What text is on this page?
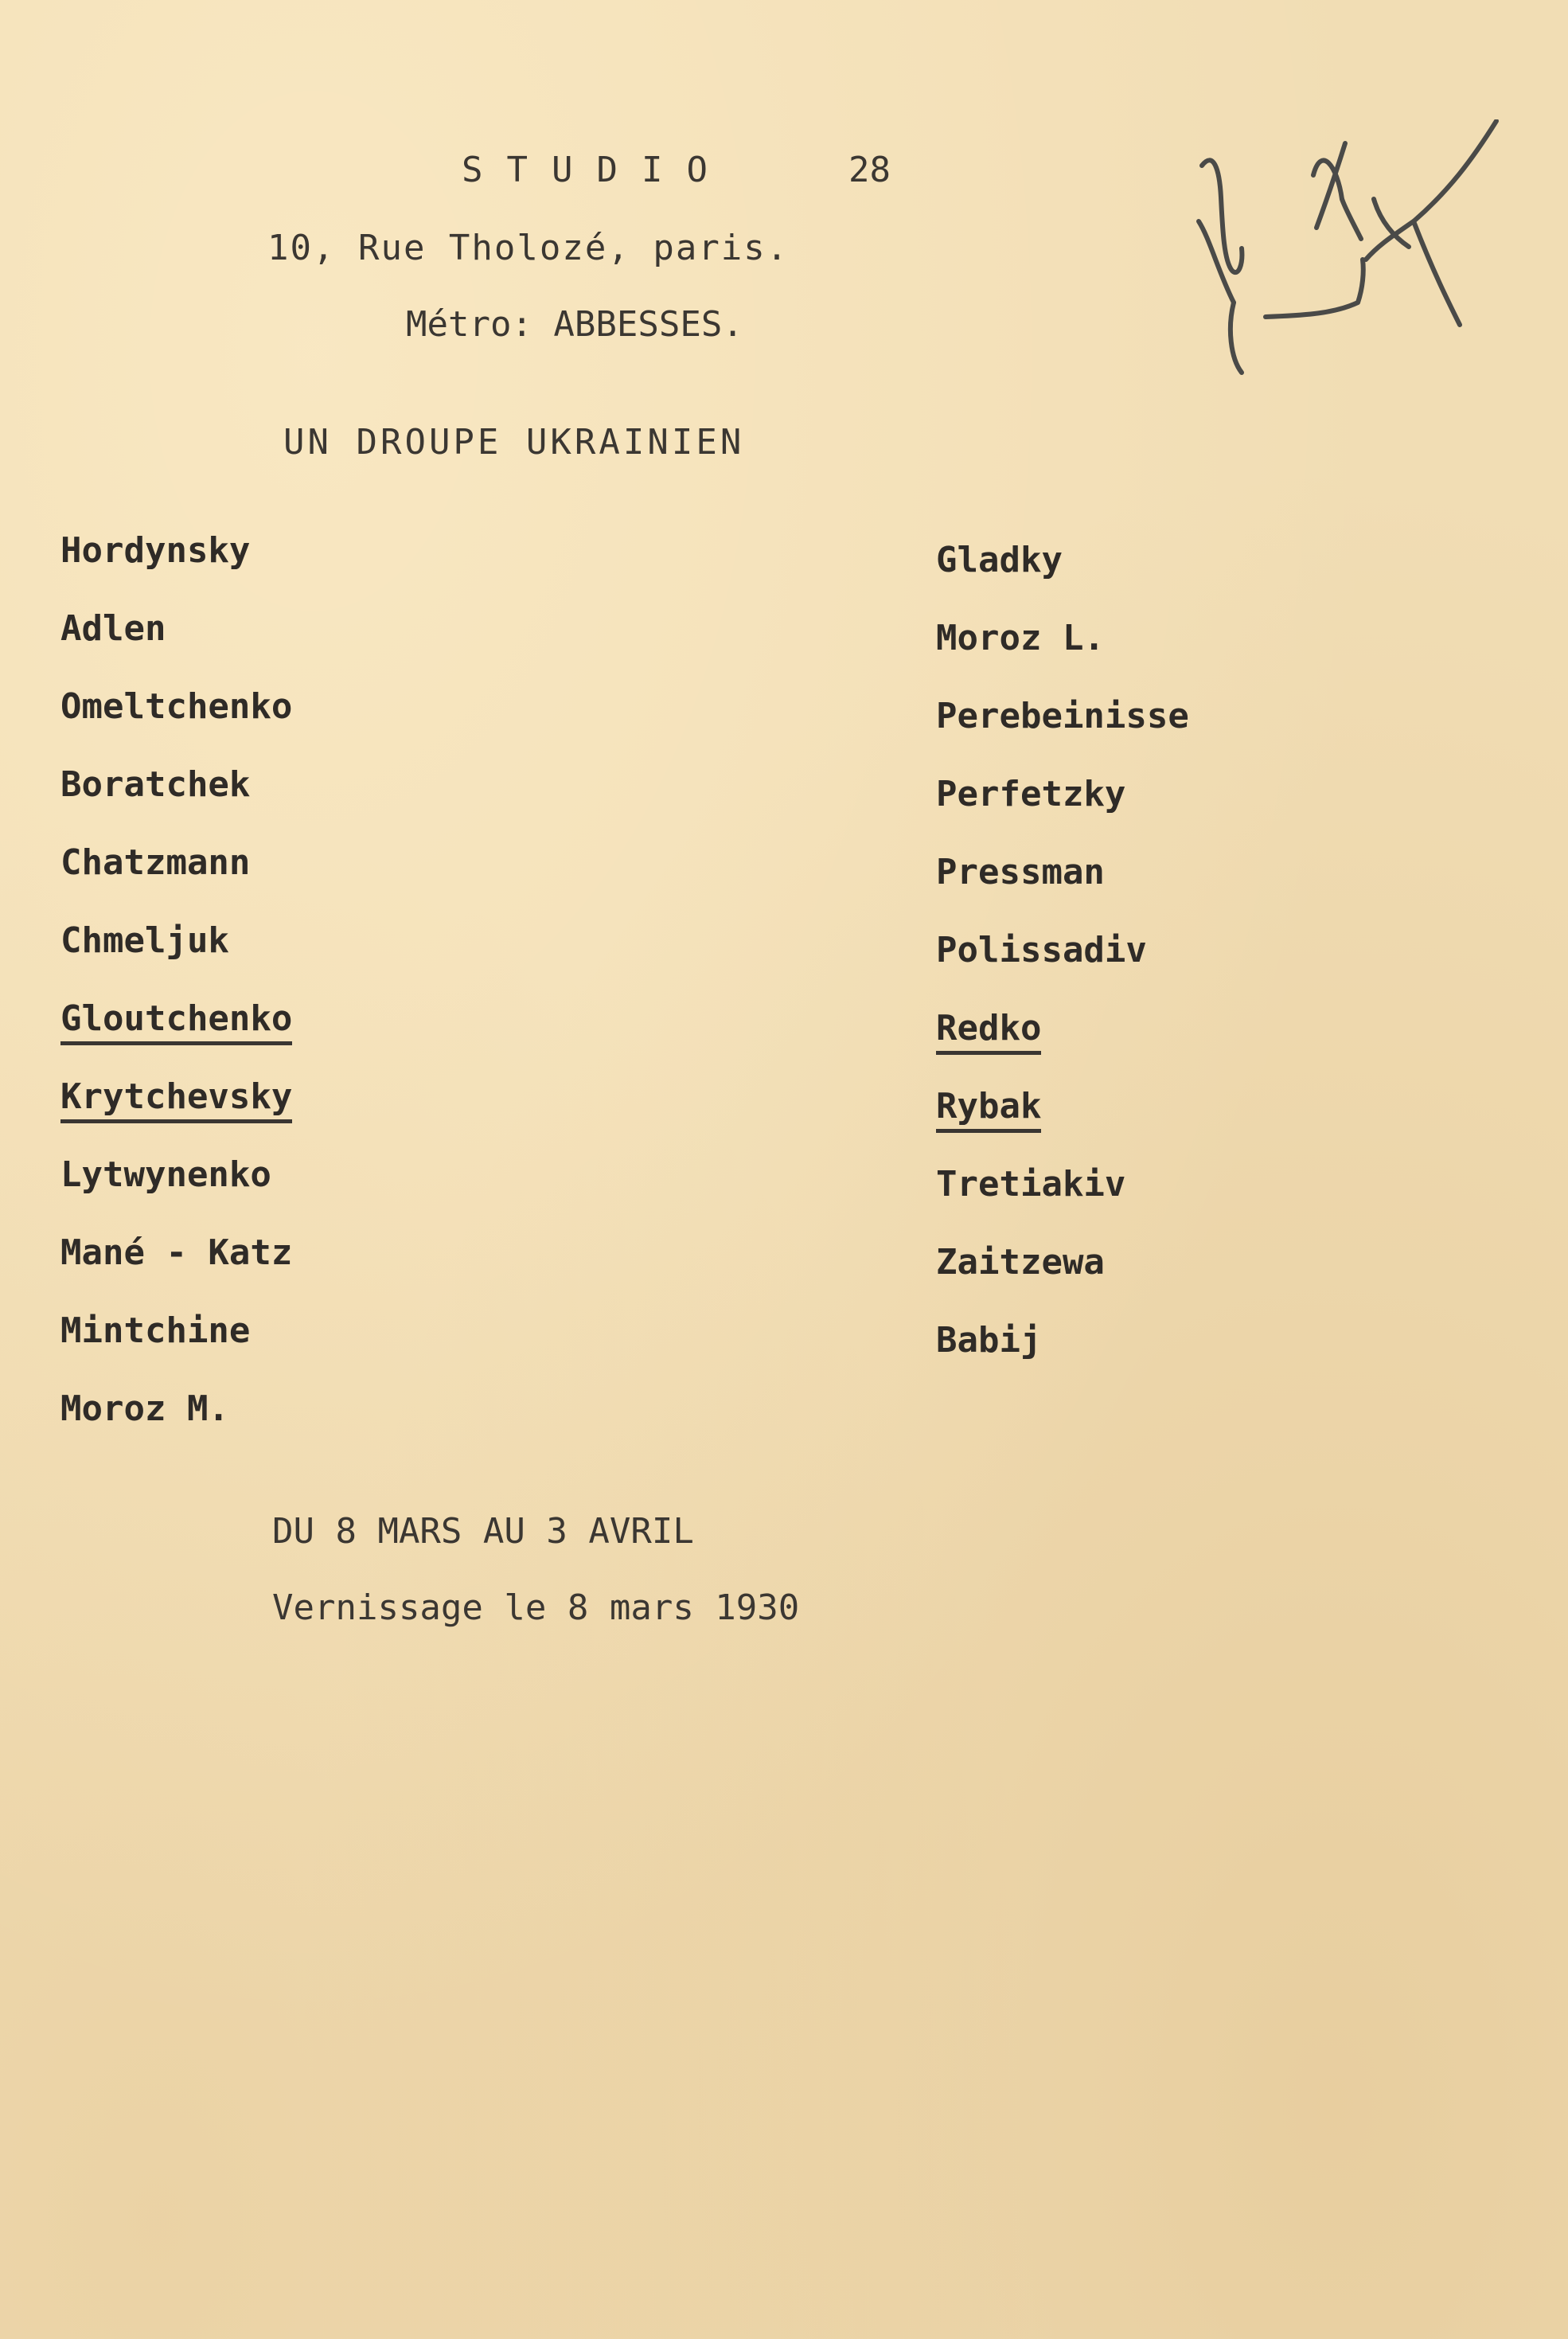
STUDIO	28

10, Rue Tholozé, paris.

Métro: ABBESSES.

UN DROUPE UKRAINIEN

Hordynsky
Adlen
Omeltchenko
Boratchek
Chatzmann
Chmeljuk
Gloutchenko
Krytchevsky
Lytwynenko
Mané - Katz
Mintchine
Moroz M.
Gladky
Moroz L.
Perebeinisse
Perfetzky
Pressman
Polissadiv
Redko
Rybak
Tretiakiv
Zaitzewa
Babij

DU 8 MARS AU 3 AVRIL

Vernissage le 8 mars 1930
